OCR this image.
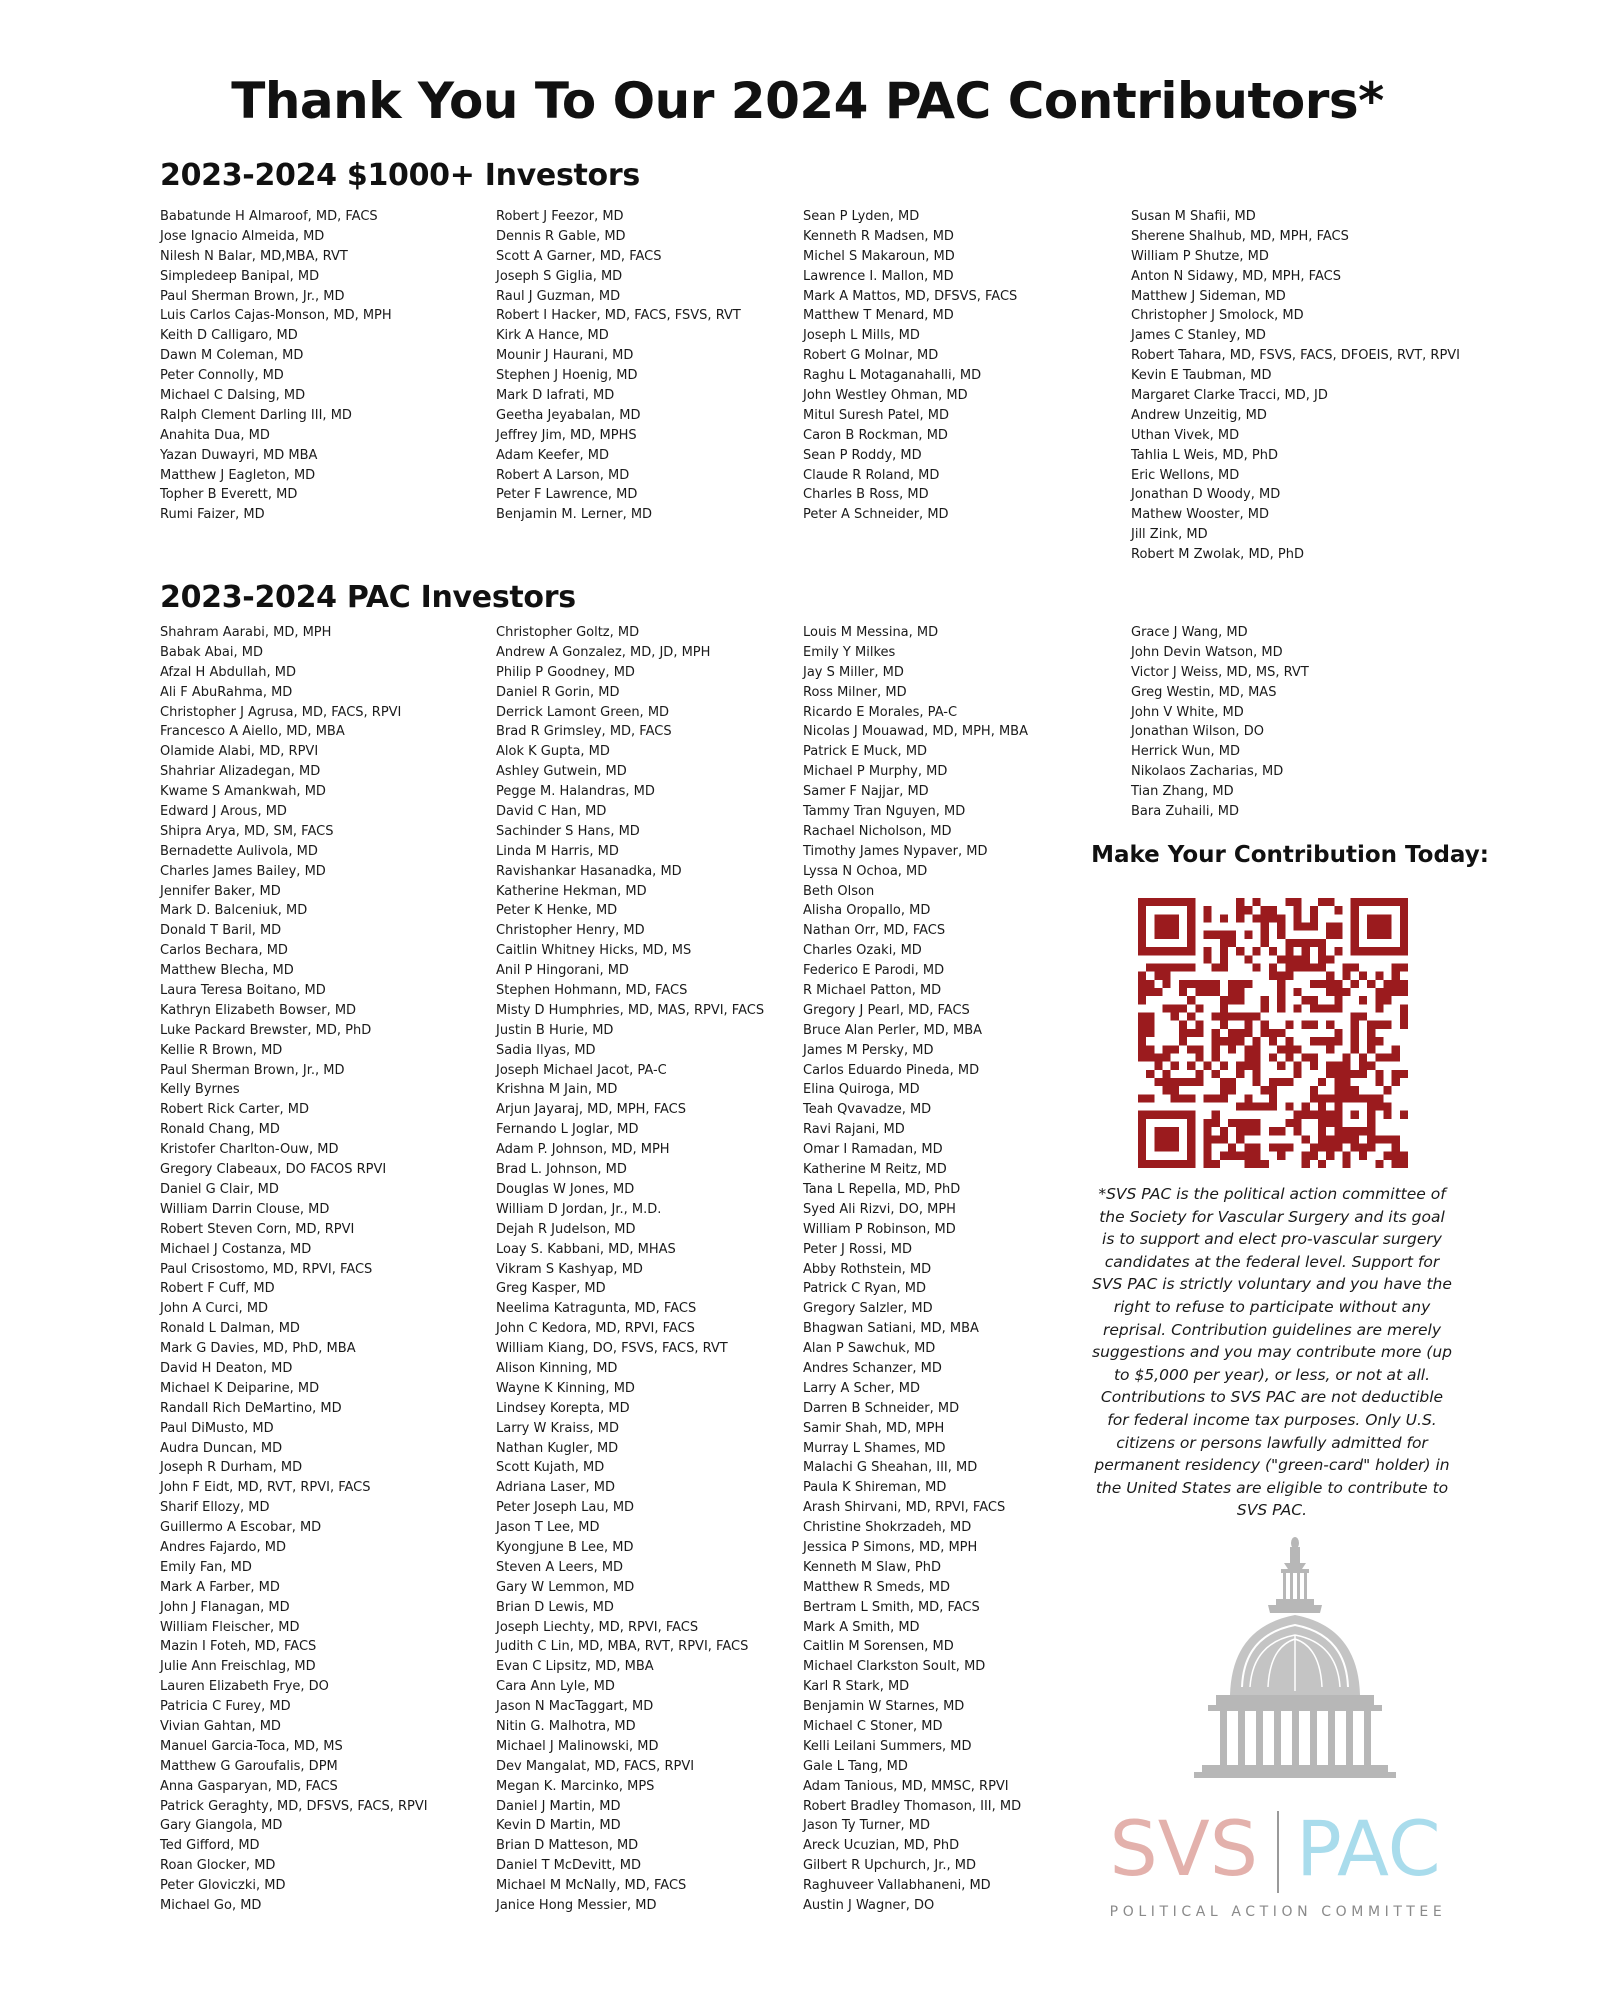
Thank You To Our 2024 PAC Contributors*
2023-2024 $1000+ Investors
Babatunde H Almaroof, MD, FACS
Jose Ignacio Almeida, MD
Nilesh N Balar, MD,MBA, RVT
Simpledeep Banipal, MD
Paul Sherman Brown, Jr., MD
Luis Carlos Cajas-Monson, MD, MPH
Keith D Calligaro, MD
Dawn M Coleman, MD
Peter Connolly, MD
Michael C Dalsing, MD
Ralph Clement Darling III, MD
Anahita Dua, MD
Yazan Duwayri, MD MBA
Matthew J Eagleton, MD
Topher B Everett, MD
Rumi Faizer, MD
Robert J Feezor, MD
Dennis R Gable, MD
Scott A Garner, MD, FACS
Joseph S Giglia, MD
Raul J Guzman, MD
Robert I Hacker, MD, FACS, FSVS, RVT
Kirk A Hance, MD
Mounir J Haurani, MD
Stephen J Hoenig, MD
Mark D Iafrati, MD
Geetha Jeyabalan, MD
Jeffrey Jim, MD, MPHS
Adam Keefer, MD
Robert A Larson, MD
Peter F Lawrence, MD
Benjamin M. Lerner, MD
Sean P Lyden, MD
Kenneth R Madsen, MD
Michel S Makaroun, MD
Lawrence I. Mallon, MD
Mark A Mattos, MD, DFSVS, FACS
Matthew T Menard, MD
Joseph L Mills, MD
Robert G Molnar, MD
Raghu L Motaganahalli, MD
John Westley Ohman, MD
Mitul Suresh Patel, MD
Caron B Rockman, MD
Sean P Roddy, MD
Claude R Roland, MD
Charles B Ross, MD
Peter A Schneider, MD
Susan M Shafii, MD
Sherene Shalhub, MD, MPH, FACS
William P Shutze, MD
Anton N Sidawy, MD, MPH, FACS
Matthew J Sideman, MD
Christopher J Smolock, MD
James C Stanley, MD
Robert Tahara, MD, FSVS, FACS, DFOEIS, RVT, RPVI
Kevin E Taubman, MD
Margaret Clarke Tracci, MD, JD
Andrew Unzeitig, MD
Uthan Vivek, MD
Tahlia L Weis, MD, PhD
Eric Wellons, MD
Jonathan D Woody, MD
Mathew Wooster, MD
Jill Zink, MD
Robert M Zwolak, MD, PhD
2023-2024 PAC Investors
Shahram Aarabi, MD, MPH
Babak Abai, MD
Afzal H Abdullah, MD
Ali F AbuRahma, MD
Christopher J Agrusa, MD, FACS, RPVI
Francesco A Aiello, MD, MBA
Olamide Alabi, MD, RPVI
Shahriar Alizadegan, MD
Kwame S Amankwah, MD
Edward J Arous, MD
Shipra Arya, MD, SM, FACS
Bernadette Aulivola, MD
Charles James Bailey, MD
Jennifer Baker, MD
Mark D. Balceniuk, MD
Donald T Baril, MD
Carlos Bechara, MD
Matthew Blecha, MD
Laura Teresa Boitano, MD
Kathryn Elizabeth Bowser, MD
Luke Packard Brewster, MD, PhD
Kellie R Brown, MD
Paul Sherman Brown, Jr., MD
Kelly Byrnes
Robert Rick Carter, MD
Ronald Chang, MD
Kristofer Charlton-Ouw, MD
Gregory Clabeaux, DO FACOS RPVI
Daniel G Clair, MD
William Darrin Clouse, MD
Robert Steven Corn, MD, RPVI
Michael J Costanza, MD
Paul Crisostomo, MD, RPVI, FACS
Robert F Cuff, MD
John A Curci, MD
Ronald L Dalman, MD
Mark G Davies, MD, PhD, MBA
David H Deaton, MD
Michael K Deiparine, MD
Randall Rich DeMartino, MD
Paul DiMusto, MD
Audra Duncan, MD
Joseph R Durham, MD
John F Eidt, MD, RVT, RPVI, FACS
Sharif Ellozy, MD
Guillermo A Escobar, MD
Andres Fajardo, MD
Emily Fan, MD
Mark A Farber, MD
John J Flanagan, MD
William Fleischer, MD
Mazin I Foteh, MD, FACS
Julie Ann Freischlag, MD
Lauren Elizabeth Frye, DO
Patricia C Furey, MD
Vivian Gahtan, MD
Manuel Garcia-Toca, MD, MS
Matthew G Garoufalis, DPM
Anna Gasparyan, MD, FACS
Patrick Geraghty, MD, DFSVS, FACS, RPVI
Gary Giangola, MD
Ted Gifford, MD
Roan Glocker, MD
Peter Gloviczki, MD
Michael Go, MD
Christopher Goltz, MD
Andrew A Gonzalez, MD, JD, MPH
Philip P Goodney, MD
Daniel R Gorin, MD
Derrick Lamont Green, MD
Brad R Grimsley, MD, FACS
Alok K Gupta, MD
Ashley Gutwein, MD
Pegge M. Halandras, MD
David C Han, MD
Sachinder S Hans, MD
Linda M Harris, MD
Ravishankar Hasanadka, MD
Katherine Hekman, MD
Peter K Henke, MD
Christopher Henry, MD
Caitlin Whitney Hicks, MD, MS
Anil P Hingorani, MD
Stephen Hohmann, MD, FACS
Misty D Humphries, MD, MAS, RPVI, FACS
Justin B Hurie, MD
Sadia Ilyas, MD
Joseph Michael Jacot, PA-C
Krishna M Jain, MD
Arjun Jayaraj, MD, MPH, FACS
Fernando L Joglar, MD
Adam P. Johnson, MD, MPH
Brad L. Johnson, MD
Douglas W Jones, MD
William D Jordan, Jr., M.D.
Dejah R Judelson, MD
Loay S. Kabbani, MD, MHAS
Vikram S Kashyap, MD
Greg Kasper, MD
Neelima Katragunta, MD, FACS
John C Kedora, MD, RPVI, FACS
William Kiang, DO, FSVS, FACS, RVT
Alison Kinning, MD
Wayne K Kinning, MD
Lindsey Korepta, MD
Larry W Kraiss, MD
Nathan Kugler, MD
Scott Kujath, MD
Adriana Laser, MD
Peter Joseph Lau, MD
Jason T Lee, MD
Kyongjune B Lee, MD
Steven A Leers, MD
Gary W Lemmon, MD
Brian D Lewis, MD
Joseph Liechty, MD, RPVI, FACS
Judith C Lin, MD, MBA, RVT, RPVI, FACS
Evan C Lipsitz, MD, MBA
Cara Ann Lyle, MD
Jason N MacTaggart, MD
Nitin G. Malhotra, MD
Michael J Malinowski, MD
Dev Mangalat, MD, FACS, RPVI
Megan K. Marcinko, MPS
Daniel J Martin, MD
Kevin D Martin, MD
Brian D Matteson, MD
Daniel T McDevitt, MD
Michael M McNally, MD, FACS
Janice Hong Messier, MD
Louis M Messina, MD
Emily Y Milkes
Jay S Miller, MD
Ross Milner, MD
Ricardo E Morales, PA-C
Nicolas J Mouawad, MD, MPH, MBA
Patrick E Muck, MD
Michael P Murphy, MD
Samer F Najjar, MD
Tammy Tran Nguyen, MD
Rachael Nicholson, MD
Timothy James Nypaver, MD
Lyssa N Ochoa, MD
Beth Olson
Alisha Oropallo, MD
Nathan Orr, MD, FACS
Charles Ozaki, MD
Federico E Parodi, MD
R Michael Patton, MD
Gregory J Pearl, MD, FACS
Bruce Alan Perler, MD, MBA
James M Persky, MD
Carlos Eduardo Pineda, MD
Elina Quiroga, MD
Teah Qvavadze, MD
Ravi Rajani, MD
Omar I Ramadan, MD
Katherine M Reitz, MD
Tana L Repella, MD, PhD
Syed Ali Rizvi, DO, MPH
William P Robinson, MD
Peter J Rossi, MD
Abby Rothstein, MD
Patrick C Ryan, MD
Gregory Salzler, MD
Bhagwan Satiani, MD, MBA
Alan P Sawchuk, MD
Andres Schanzer, MD
Larry A Scher, MD
Darren B Schneider, MD
Samir Shah, MD, MPH
Murray L Shames, MD
Malachi G Sheahan, III, MD
Paula K Shireman, MD
Arash Shirvani, MD, RPVI, FACS
Christine Shokrzadeh, MD
Jessica P Simons, MD, MPH
Kenneth M Slaw, PhD
Matthew R Smeds, MD
Bertram L Smith, MD, FACS
Mark A Smith, MD
Caitlin M Sorensen, MD
Michael Clarkston Soult, MD
Karl R Stark, MD
Benjamin W Starnes, MD
Michael C Stoner, MD
Kelli Leilani Summers, MD
Gale L Tang, MD
Adam Tanious, MD, MMSC, RPVI
Robert Bradley Thomason, III, MD
Jason Ty Turner, MD
Areck Ucuzian, MD, PhD
Gilbert R Upchurch, Jr., MD
Raghuveer Vallabhaneni, MD
Austin J Wagner, DO
Grace J Wang, MD
John Devin Watson, MD
Victor J Weiss, MD, MS, RVT
Greg Westin, MD, MAS
John V White, MD
Jonathan Wilson, DO
Herrick Wun, MD
Nikolaos Zacharias, MD
Tian Zhang, MD
Bara Zuhaili, MD
Make Your Contribution Today:
*SVS PAC is the political action committee of the Society for Vascular Surgery and its goal is to support and elect pro-vascular surgery candidates at the federal level. Support for SVS PAC is strictly voluntary and you have the right to refuse to participate without any reprisal. Contribution guidelines are merely suggestions and you may contribute more (up to $5,000 per year), or less, or not at all. Contributions to SVS PAC are not deductible for federal income tax purposes. Only U.S. citizens or persons lawfully admitted for permanent residency ("green-card" holder) in the United States are eligible to contribute to SVS PAC.
SVS PAC
POLITICAL ACTION COMMITTEE
